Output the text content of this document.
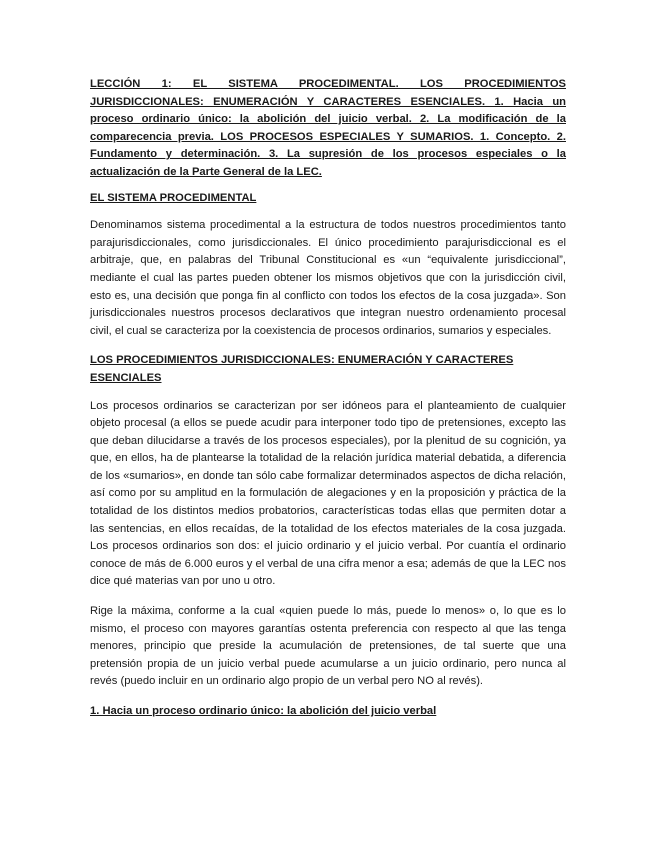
LECCIÓN 1: EL SISTEMA PROCEDIMENTAL. LOS PROCEDIMIENTOS JURISDICCIONALES: ENUMERACIÓN Y CARACTERES ESENCIALES. 1. Hacia un proceso ordinario único: la abolición del juicio verbal. 2. La modificación de la comparecencia previa. LOS PROCESOS ESPECIALES Y SUMARIOS. 1. Concepto. 2. Fundamento y determinación. 3. La supresión de los procesos especiales o la actualización de la Parte General de la LEC.

EL SISTEMA PROCEDIMENTAL

Denominamos sistema procedimental a la estructura de todos nuestros procedimientos tanto parajurisdiccionales, como jurisdiccionales. El único procedimiento parajurisdiccional es el arbitraje, que, en palabras del Tribunal Constitucional es «un “equivalente jurisdiccional”, mediante el cual las partes pueden obtener los mismos objetivos que con la jurisdicción civil, esto es, una decisión que ponga fin al conflicto con todos los efectos de la cosa juzgada». Son jurisdiccionales nuestros procesos declarativos que integran nuestro ordenamiento procesal civil, el cual se caracteriza por la coexistencia de procesos ordinarios, sumarios y especiales.

LOS PROCEDIMIENTOS JURISDICCIONALES: ENUMERACIÓN Y CARACTERES ESENCIALES

Los procesos ordinarios se caracterizan por ser idóneos para el planteamiento de cualquier objeto procesal (a ellos se puede acudir para interponer todo tipo de pretensiones, excepto las que deban dilucidarse a través de los procesos especiales), por la plenitud de su cognición, ya que, en ellos, ha de plantearse la totalidad de la relación jurídica material debatida, a diferencia de los «sumarios», en donde tan sólo cabe formalizar determinados aspectos de dicha relación, así como por su amplitud en la formulación de alegaciones y en la proposición y práctica de la totalidad de los distintos medios probatorios, características todas ellas que permiten dotar a las sentencias, en ellos recaídas, de la totalidad de los efectos materiales de la cosa juzgada. Los procesos ordinarios son dos: el juicio ordinario y el juicio verbal. Por cuantía el ordinario conoce de más de 6.000 euros y el verbal de una cifra menor a esa; además de que la LEC nos dice qué materias van por uno u otro.

Rige la máxima, conforme a la cual «quien puede lo más, puede lo menos» o, lo que es lo mismo, el proceso con mayores garantías ostenta preferencia con respecto al que las tenga menores, principio que preside la acumulación de pretensiones, de tal suerte que una pretensión propia de un juicio verbal puede acumularse a un juicio ordinario, pero nunca al revés (puedo incluir en un ordinario algo propio de un verbal pero NO al revés).

1. Hacia un proceso ordinario único: la abolición del juicio verbal
